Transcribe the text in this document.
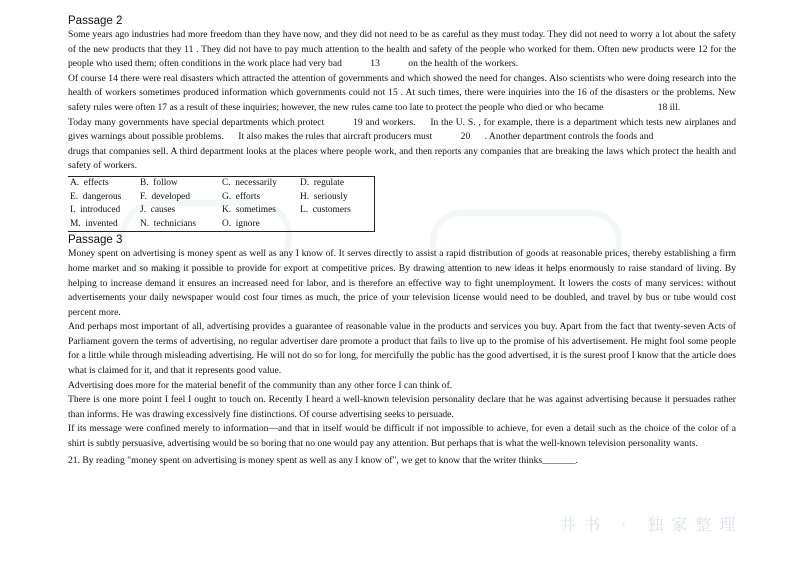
Passage 2

Some years ago industries had more freedom than they have now, and they did not need to be as careful as they must today. They did not need to worry a lot about the safety of the new products that they 11 . They did not have to pay much attention to the health and safety of the people who worked for them. Often new products were 12 for the people who used them; often conditions in the work place had very bad	13	on the health of the workers.

Of course 14 there were real disasters which attracted the attention of governments and which showed the need for changes. Also scientists who were doing research into the health of workers sometimes produced information which governments could not 15 . At such times, there were inquiries into the 16 of the disasters or the problems. New safety rules were often 17 as a result of these inquiries; however, the new rules came too late to protect the people who died or who became	18 ill.

Today many governments have special departments which protect	19 and workers. In the U. S. , for example, there is a department which tests new airplanes and gives warnings about possible problems. It also makes the rules that aircraft producers must	20 . Another department controls the foods and

drugs that companies sell. A third department looks at the places where people work, and then reports any companies that are breaking the laws which protect the health and safety of workers.

A.  effects	B.  follow	C.  necessarily	D.  regulate
E.  dangerous	F.  developed	G.  efforts	H.  seriously
I.  introduced	J.  causes	K.  sometimes	L.  customers
M.  invented	N.  technicians	O.  ignore	
Passage 3

Money spent on advertising is money spent as well as any I know of. It serves directly to assist a rapid distribution of goods at reasonable prices, thereby establishing a firm home market and so making it possible to provide for export at competitive prices. By drawing attention to new ideas it helps enormously to raise standard of living. By helping to increase demand it ensures an increased need for labor, and is therefore an effective way to fight unemployment. It lowers the costs of many services: without advertisements your daily newspaper would cost four times as much, the price of your television license would need to be doubled, and travel by bus or tube would cost percent more.

And perhaps most important of all, advertising provides a guarantee of reasonable value in the products and services you buy. Apart from the fact that twenty-seven Acts of Parliament govern the terms of advertising, no regular advertiser dare promote a product that fails to live up to the promise of his advertisement. He might fool some people for a little while through misleading advertising. He will not do so for long, for mercifully the public has the good advertised, it is the surest proof I know that the article does what is claimed for it, and that it represents good value.

Advertising does more for the material benefit of the community than any other force I can think of.

There is one more point I feel I ought to touch on. Recently I heard a well-known television personality declare that he was against advertising because it persuades rather than informs. He was drawing excessively fine distinctions. Of course advertising seeks to persuade.

If its message were confined merely to information—and that in itself would be difficult if not impossible to achieve, for even a detail such as the choice of the color of a shirt is subtly persuasive, advertising would be so boring that no one would pay any attention. But perhaps that is what the well-known television personality wants.

21. By reading "money spent on advertising is money spent as well as any I know of", we get to know that the writer thinks_______.

井书 · 独家整理
